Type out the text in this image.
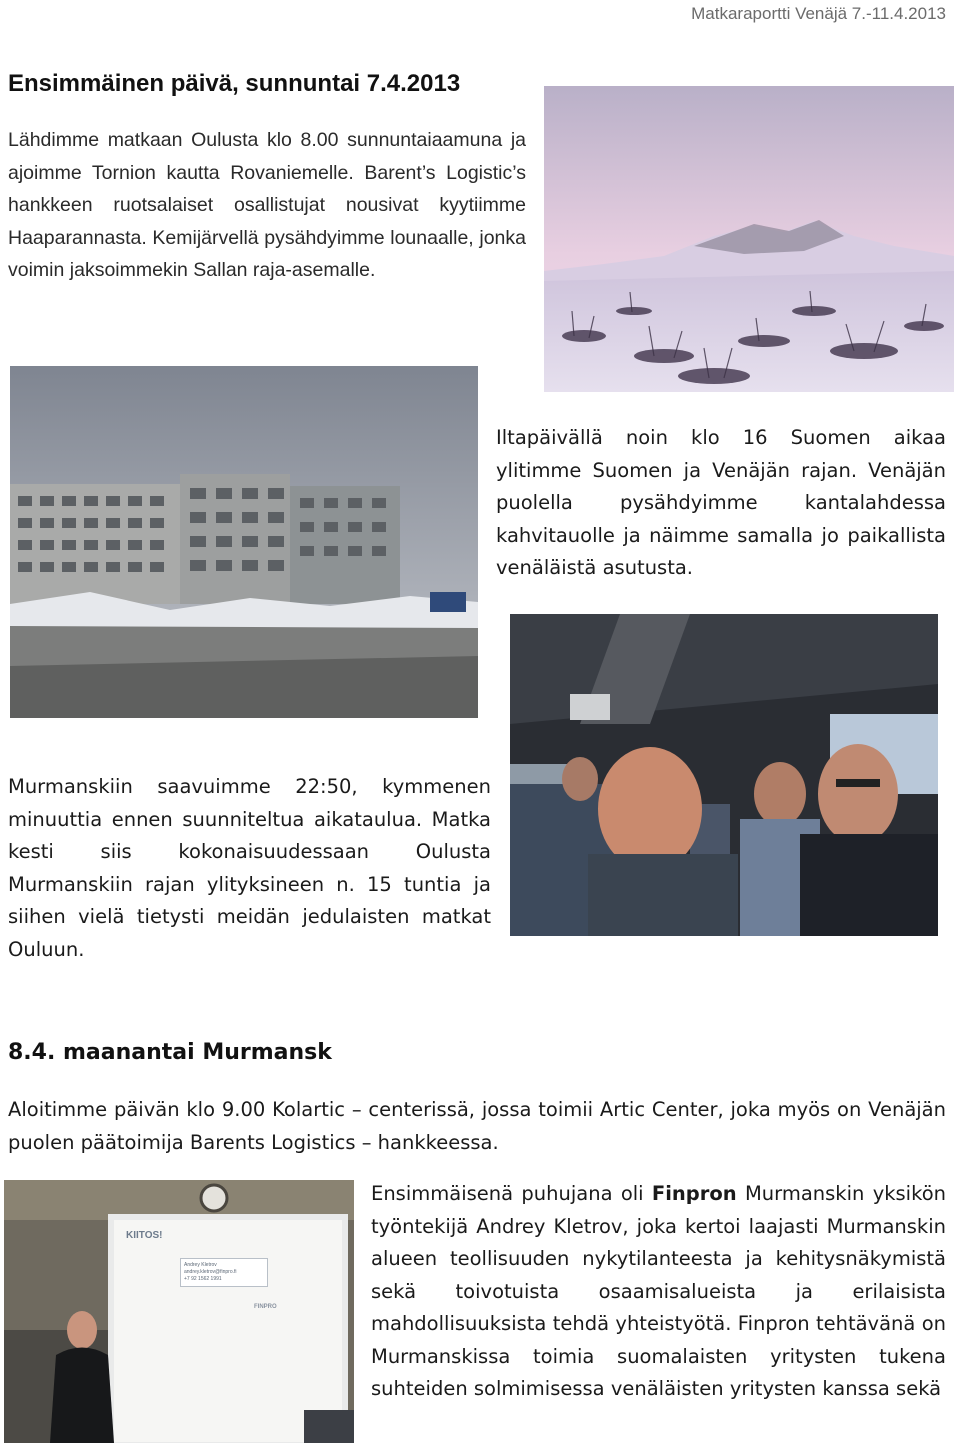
Matkaraportti Venäjä 7.-11.4.2013
Ensimmäinen päivä, sunnuntai 7.4.2013

Lähdimme matkaan Oulusta klo 8.00 sunnuntaiaamuna ja ajoimme Tornion kautta Rovaniemelle. Barent’s Logistic’s hankkeen ruotsalaiset osallistujat nousivat kyytiimme Haaparannasta. Kemijärvellä pysähdyimme lounaalle, jonka voimin jaksoimmekin Sallan raja-asemalle.

Iltapäivällä noin klo 16 Suomen aikaa ylitimme Suomen ja Venäjän rajan. Venäjän puolella pysähdyimme kantalahdessa kahvitauolle ja näimme samalla jo paikallista venäläistä asutusta.

Murmanskiin saavuimme 22:50, kymmenen minuuttia ennen suunniteltua aikataulua. Matka kesti siis kokonaisuudessaan Oulusta Murmanskiin rajan ylityksineen n. 15 tuntia ja siihen vielä tietysti meidän jedulaisten matkat Ouluun.

8.4. maanantai Murmansk

Aloitimme päivän klo 9.00 Kolartic – centerissä, jossa toimii Artic Center, joka myös on Venäjän puolen päätoimija Barents Logistics – hankkeessa.

KIITOS!
Andrey Kletrov
andrey.kletrov@finpro.fi
+7 92 1562 1991
FINPRO

Ensimmäisenä puhujana oli Finpron Murmanskin yksikön työntekijä Andrey Kletrov, joka kertoi laajasti Murmanskin alueen teollisuuden nykytilanteesta ja kehitysnäkymistä sekä toivotuista osaamisalueista ja erilaisista mahdollisuuksista tehdä yhteistyötä. Finpron tehtävänä on Murmanskissa toimia suomalaisten yritysten tukena suhteiden solmimisessa venäläisten yritysten kanssa sekä
